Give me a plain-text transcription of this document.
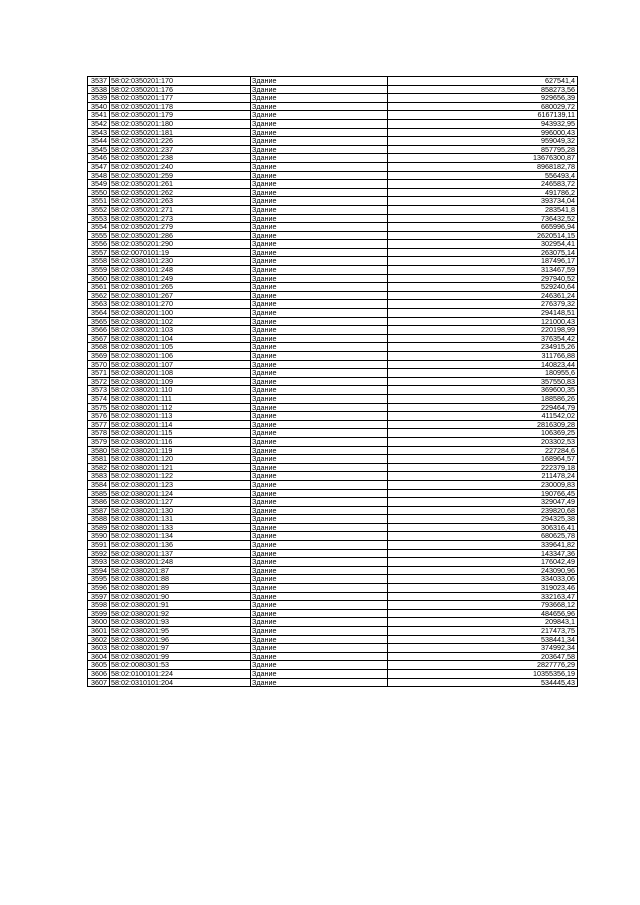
3537	58:02:0350201:170	Здание	627541,4
3538	58:02:0350201:176	Здание	858273,56
3539	58:02:0350201:177	Здание	929656,39
3540	58:02:0350201:178	Здание	680029,72
3541	58:02:0350201:179	Здание	6167139,11
3542	58:02:0350201:180	Здание	943932,95
3543	58:02:0350201:181	Здание	996000,43
3544	58:02:0350201:226	Здание	959049,32
3545	58:02:0350201:237	Здание	857795,28
3546	58:02:0350201:238	Здание	13676300,87
3547	58:02:0350201:240	Здание	8968182,78
3548	58:02:0350201:259	Здание	556493,4
3549	58:02:0350201:261	Здание	246583,72
3550	58:02:0350201:262	Здание	491786,2
3551	58:02:0350201:263	Здание	393734,04
3552	58:02:0350201:271	Здание	283541,8
3553	58:02:0350201:273	Здание	736432,52
3554	58:02:0350201:279	Здание	665996,94
3555	58:02:0350201:286	Здание	2620514,15
3556	58:02:0350201:290	Здание	302954,41
3557	58:02:0070101:19	Здание	263075,14
3558	58:02:0380101:230	Здание	187496,17
3559	58:02:0380101:248	Здание	313467,59
3560	58:02:0380101:249	Здание	297940,52
3561	58:02:0380101:265	Здание	529240,64
3562	58:02:0380101:267	Здание	246361,24
3563	58:02:0380101:270	Здание	276379,32
3564	58:02:0380201:100	Здание	294148,51
3565	58:02:0380201:102	Здание	121000,43
3566	58:02:0380201:103	Здание	220198,99
3567	58:02:0380201:104	Здание	376354,42
3568	58:02:0380201:105	Здание	234915,26
3569	58:02:0380201:106	Здание	311766,88
3570	58:02:0380201:107	Здание	140823,44
3571	58:02:0380201:108	Здание	180955,6
3572	58:02:0380201:109	Здание	357550,83
3573	58:02:0380201:110	Здание	369600,35
3574	58:02:0380201:111	Здание	188586,26
3575	58:02:0380201:112	Здание	229464,79
3576	58:02:0380201:113	Здание	411542,02
3577	58:02:0380201:114	Здание	2816309,28
3578	58:02:0380201:115	Здание	106369,25
3579	58:02:0380201:116	Здание	203302,53
3580	58:02:0380201:119	Здание	227284,6
3581	58:02:0380201:120	Здание	168964,57
3582	58:02:0380201:121	Здание	222379,18
3583	58:02:0380201:122	Здание	211478,24
3584	58:02:0380201:123	Здание	230009,83
3585	58:02:0380201:124	Здание	190766,45
3586	58:02:0380201:127	Здание	329047,49
3587	58:02:0380201:130	Здание	239820,68
3588	58:02:0380201:131	Здание	294325,38
3589	58:02:0380201:133	Здание	306316,41
3590	58:02:0380201:134	Здание	680625,78
3591	58:02:0380201:136	Здание	339641,82
3592	58:02:0380201:137	Здание	143347,36
3593	58:02:0380201:248	Здание	176042,49
3594	58:02:0380201:87	Здание	243090,96
3595	58:02:0380201:88	Здание	334033,06
3596	58:02:0380201:89	Здание	319023,46
3597	58:02:0380201:90	Здание	332163,47
3598	58:02:0380201:91	Здание	793668,12
3599	58:02:0380201:92	Здание	484656,96
3600	58:02:0380201:93	Здание	209843,1
3601	58:02:0380201:95	Здание	217473,75
3602	58:02:0380201:96	Здание	538441,34
3603	58:02:0380201:97	Здание	374992,34
3604	58:02:0380201:99	Здание	203647,58
3605	58:02:0080301:53	Здание	2827776,29
3606	58:02:0100101:224	Здание	10355356,19
3607	58:02:0310101:204	Здание	534445,43
